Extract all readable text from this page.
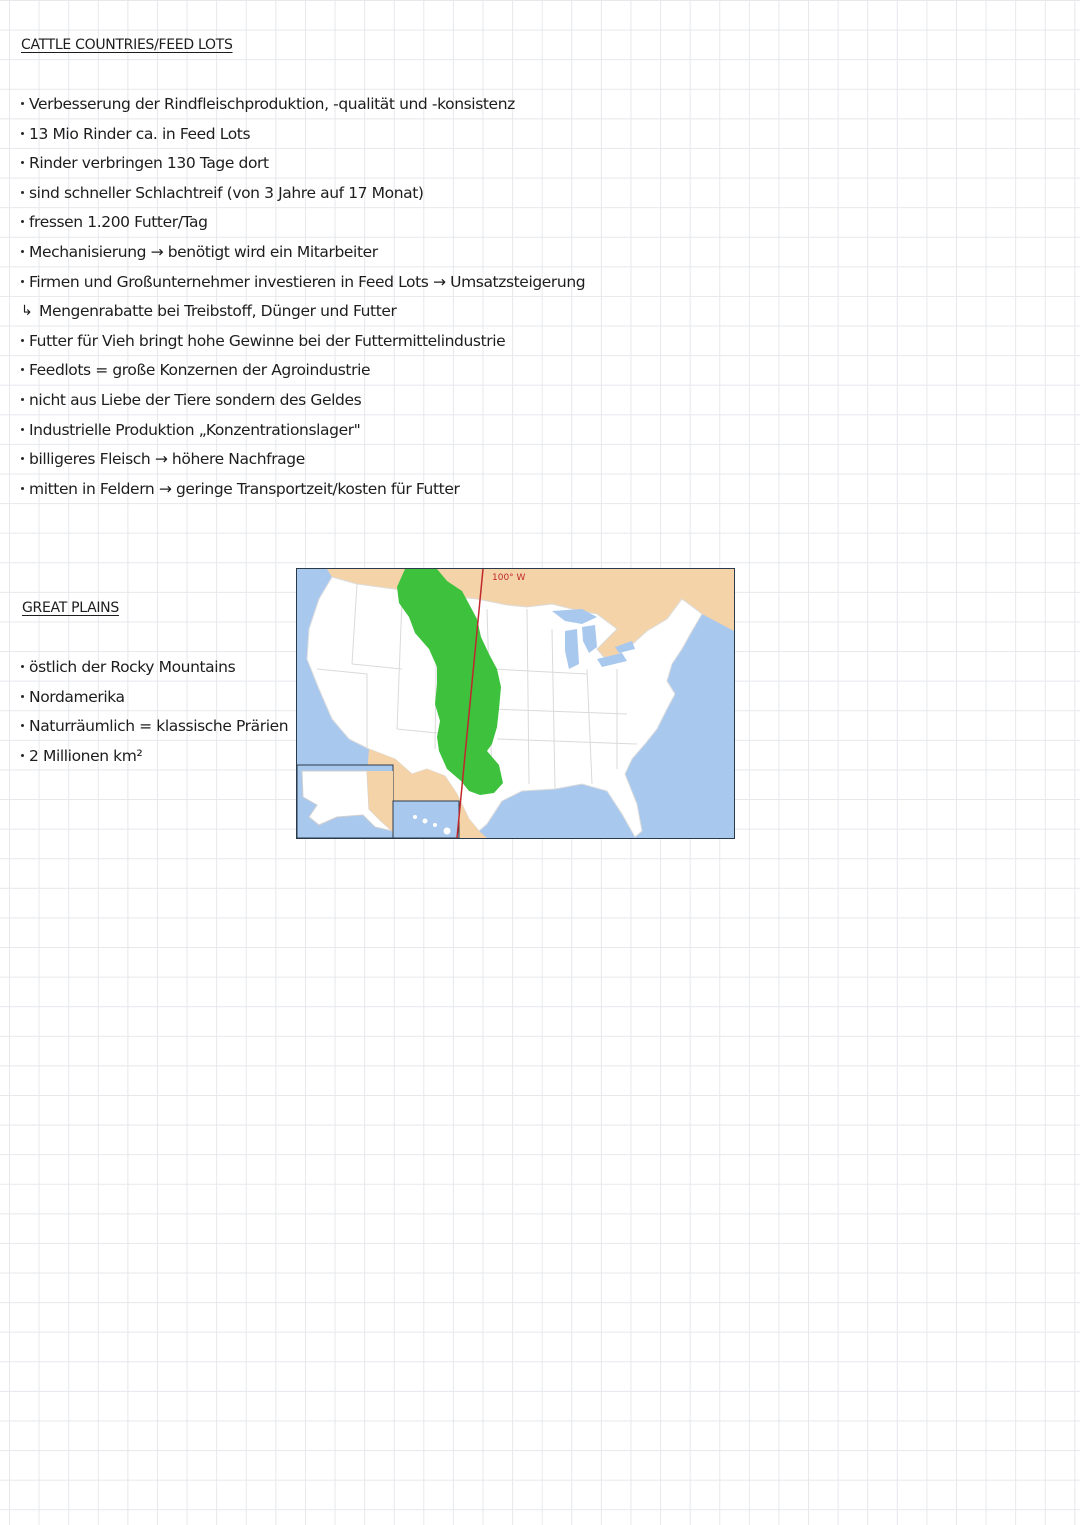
CATTLE COUNTRIES/FEED LOTS
Verbesserung der Rindfleischproduktion, -qualität und -konsistenz
13 Mio Rinder ca. in Feed Lots
Rinder verbringen 130 Tage dort
sind schneller Schlachtreif (von 3 Jahre auf 17 Monat)
fressen 1.200 Futter/Tag
Mechanisierung → benötigt wird ein Mitarbeiter
Firmen und Großunternehmer investieren in Feed Lots → Umsatzsteigerung
↳ Mengenrabatte bei Treibstoff, Dünger und Futter
Futter für Vieh bringt hohe Gewinne bei der Futtermittelindustrie
Feedlots = große Konzernen der Agroindustrie
nicht aus Liebe der Tiere sondern des Geldes
Industrielle Produktion „Konzentrationslager"
billigeres Fleisch → höhere Nachfrage
mitten in Feldern → geringe Transportzeit/kosten für Futter
GREAT PLAINS
östlich der Rocky Mountains
Nordamerika
Naturräumlich = klassische Prärien
2 Millionen km²
100° W
